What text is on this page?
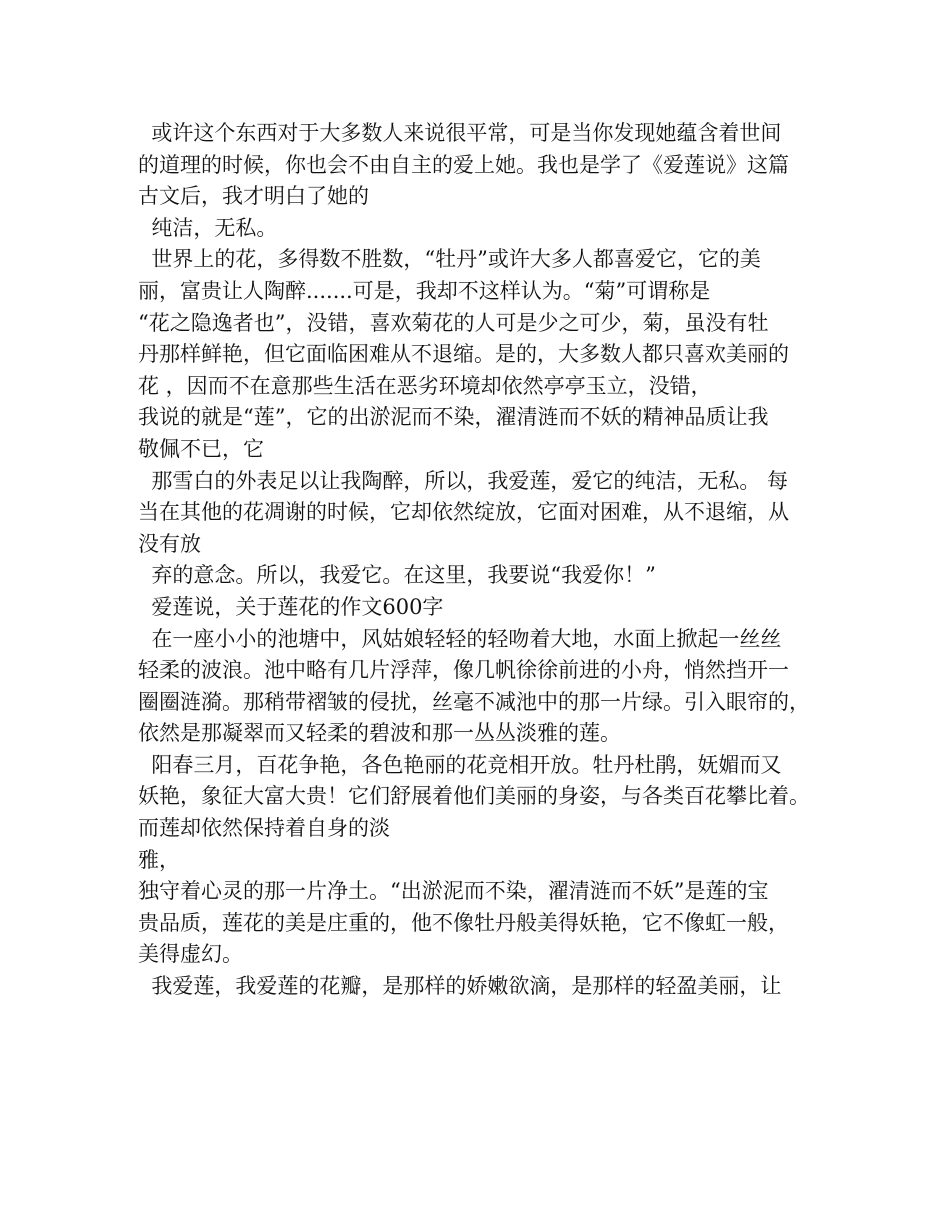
或许这个东西对于大多数人来说很平常，可是当你发现她蕴含着世间
的道理的时候，你也会不由自主的爱上她。我也是学了《爱莲说》这篇
古文后，我才明白了她的
纯洁，无私。
世界上的花，多得数不胜数，“牡丹”或许大多人都喜爱它，它的美
丽，富贵让人陶醉.......可是，我却不这样认为。“菊”可谓称是
“花之隐逸者也”，没错，喜欢菊花的人可是少之可少，菊，虽没有牡
丹那样鲜艳，但它面临困难从不退缩。是的，大多数人都只喜欢美丽的
花 ，因而不在意那些生活在恶劣环境却依然亭亭玉立，没错，
我说的就是“莲”，它的出淤泥而不染，濯清涟而不妖的精神品质让我
敬佩不已，它
那雪白的外表足以让我陶醉，所以，我爱莲，爱它的纯洁，无私。 每
当在其他的花凋谢的时候，它却依然绽放，它面对困难，从不退缩，从
没有放
弃的意念。所以，我爱它。在这里，我要说“我爱你！”
爱莲说，关于莲花的作文600字
在一座小小的池塘中，风姑娘轻轻的轻吻着大地，水面上掀起一丝丝
轻柔的波浪。池中略有几片浮萍，像几帆徐徐前进的小舟，悄然挡开一
圈圈涟漪。那稍带褶皱的侵扰，丝毫不减池中的那一片绿。引入眼帘的，
依然是那凝翠而又轻柔的碧波和那一丛丛淡雅的莲。
阳春三月，百花争艳，各色艳丽的花竞相开放。牡丹杜鹃，妩媚而又
妖艳，象征大富大贵！它们舒展着他们美丽的身姿，与各类百花攀比着。
而莲却依然保持着自身的淡
雅，
独守着心灵的那一片净土。“出淤泥而不染，濯清涟而不妖”是莲的宝
贵品质，莲花的美是庄重的，他不像牡丹般美得妖艳，它不像虹一般，
美得虚幻。
我爱莲，我爱莲的花瓣，是那样的娇嫩欲滴，是那样的轻盈美丽，让
